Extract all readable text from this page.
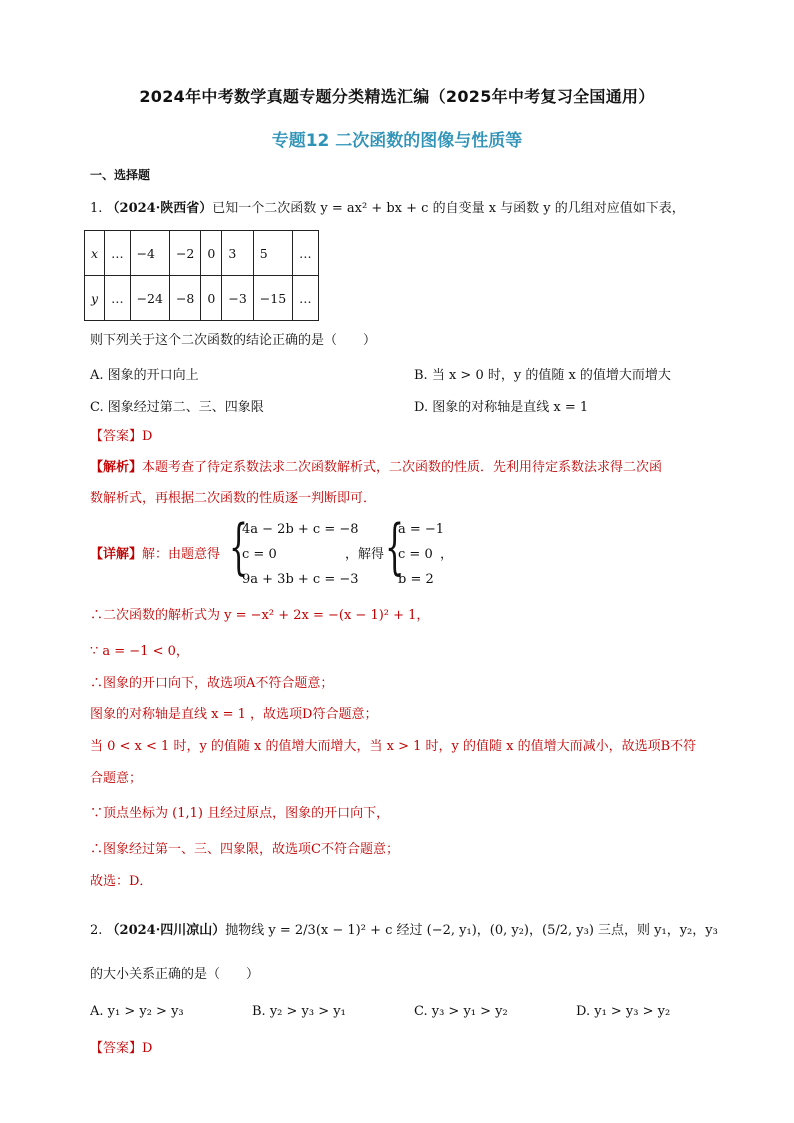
2024年中考数学真题专题分类精选汇编（2025年中考复习全国通用）
专题12 二次函数的图像与性质等
一、选择题
1. （2024·陕西省）已知一个二次函数 y = ax² + bx + c 的自变量 x 与函数 y 的几组对应值如下表，
x	…	−4	−2	0	3	5	…
y	…	−24	−8	0	−3	−15	…
则下列关于这个二次函数的结论正确的是（　　）
A. 图象的开口向上	B. 当 x > 0 时，y 的值随 x 的值增大而增大
C. 图象经过第二、三、四象限	D. 图象的对称轴是直线 x = 1
【答案】D
【解析】本题考查了待定系数法求二次函数解析式，二次函数的性质．先利用待定系数法求得二次函
数解析式，再根据二次函数的性质逐一判断即可．
【详解】解：由题意得 {
4a − 2b + c = −8
c = 0
9a + 3b + c = −3
，解得 {
a = −1
c = 0
b = 2
，
∴二次函数的解析式为 y = −x² + 2x = −(x − 1)² + 1，
∵ a = −1 < 0，
∴图象的开口向下，故选项A不符合题意；
图象的对称轴是直线 x = 1 ，故选项D符合题意；
当 0 < x < 1 时，y 的值随 x 的值增大而增大，当 x > 1 时，y 的值随 x 的值增大而减小，故选项B不符
合题意；
∵顶点坐标为 (1,1) 且经过原点，图象的开口向下，
∴图象经过第一、三、四象限，故选项C不符合题意；
故选：D．
2. （2024·四川凉山）抛物线 y = 2/3(x − 1)² + c 经过 (−2, y₁)，(0, y₂)，(5/2, y₃) 三点，则 y₁，y₂，y₃
的大小关系正确的是（　　）
A. y₁ > y₂ > y₃	B. y₂ > y₃ > y₁	C. y₃ > y₁ > y₂	D. y₁ > y₃ > y₂
【答案】D
